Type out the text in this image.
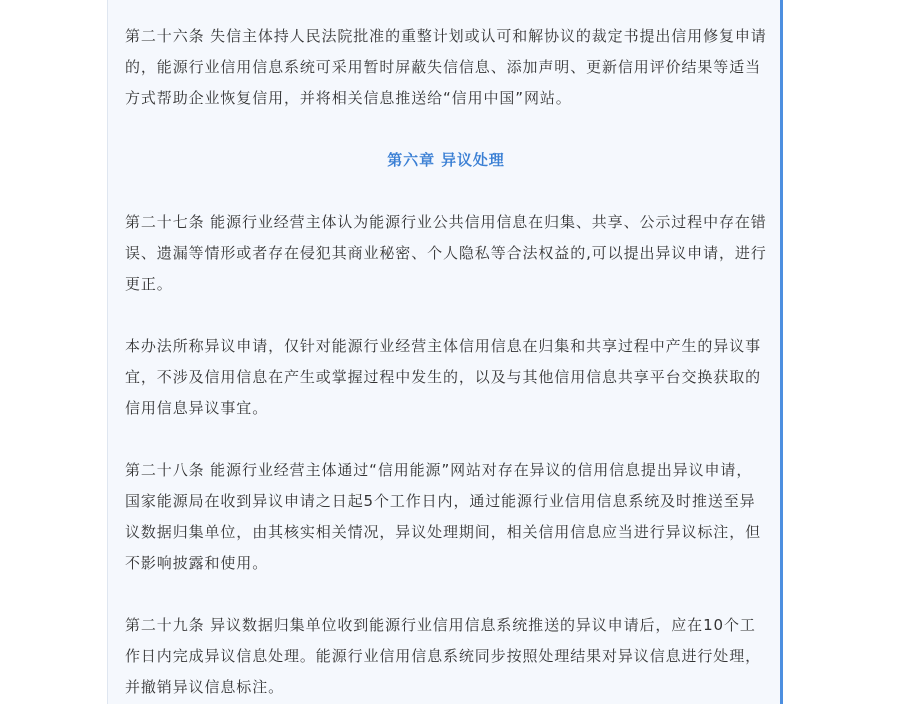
第二十六条 失信主体持人民法院批准的重整计划或认可和解协议的裁定书提出信用修复申请的，能源行业信用信息系统可采用暂时屏蔽失信信息、添加声明、更新信用评价结果等适当方式帮助企业恢复信用，并将相关信息推送给“信用中国”网站。

第六章 异议处理

第二十七条 能源行业经营主体认为能源行业公共信用信息在归集、共享、公示过程中存在错误、遗漏等情形或者存在侵犯其商业秘密、个人隐私等合法权益的,可以提出异议申请，进行更正。

本办法所称异议申请，仅针对能源行业经营主体信用信息在归集和共享过程中产生的异议事宜，不涉及信用信息在产生或掌握过程中发生的，以及与其他信用信息共享平台交换获取的信用信息异议事宜。

第二十八条 能源行业经营主体通过“信用能源”网站对存在异议的信用信息提出异议申请，国家能源局在收到异议申请之日起5个工作日内，通过能源行业信用信息系统及时推送至异议数据归集单位，由其核实相关情况，异议处理期间，相关信用信息应当进行异议标注，但不影响披露和使用。

第二十九条 异议数据归集单位收到能源行业信用信息系统推送的异议申请后，应在10个工作日内完成异议信息处理。能源行业信用信息系统同步按照处理结果对异议信息进行处理，并撤销异议信息标注。
